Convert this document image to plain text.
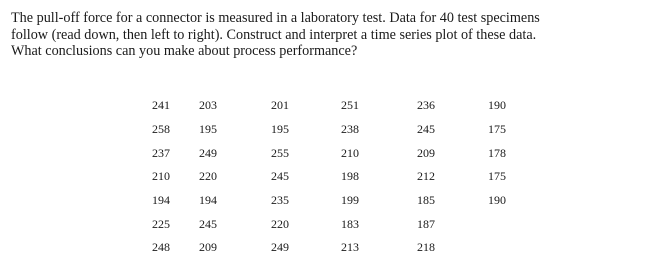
The pull-off force for a connector is measured in a laboratory test. Data for 40 test specimens

follow (read down, then left to right). Construct and interpret a time series plot of these data.

What conclusions can you make about process performance?

241	203	201	251	236	190
258	195	195	238	245	175
237	249	255	210	209	178
210	220	245	198	212	175
194	194	235	199	185	190
225	245	220	183	187	
248	209	249	213	218	
